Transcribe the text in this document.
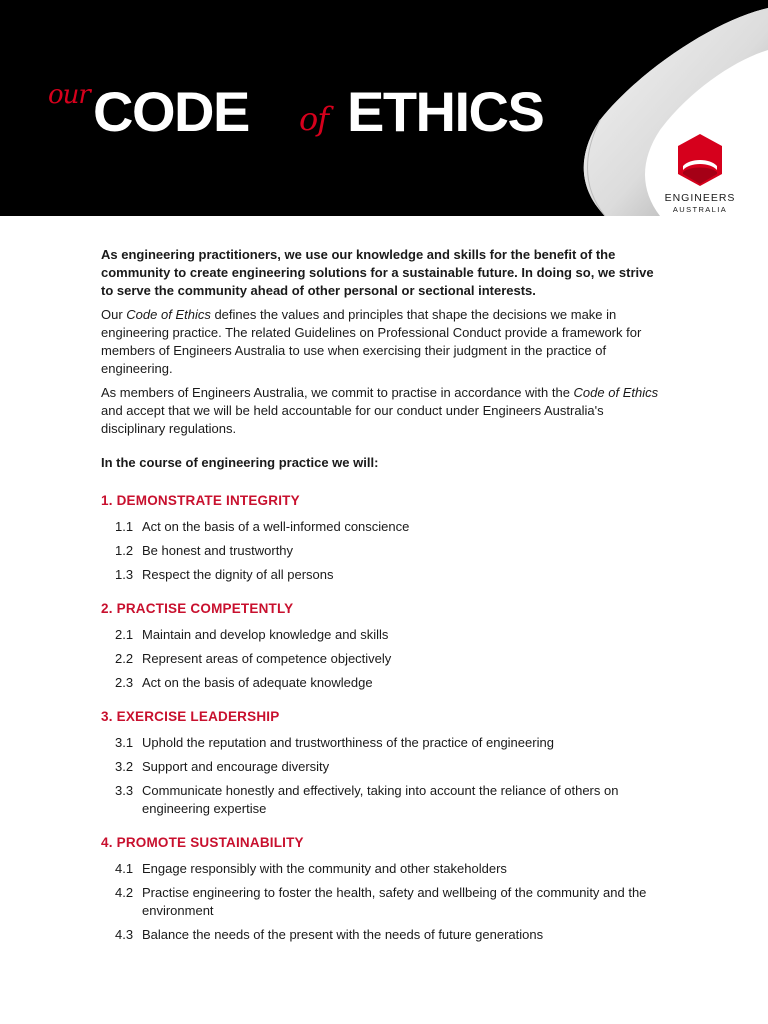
our CODE of ETHICS
ENGINEERS
AUSTRALIA

As engineering practitioners, we use our knowledge and skills for the benefit of the community to create engineering solutions for a sustainable future. In doing so, we strive to serve the community ahead of other personal or sectional interests.

Our Code of Ethics defines the values and principles that shape the decisions we make in engineering practice. The related Guidelines on Professional Conduct provide a framework for members of Engineers Australia to use when exercising their judgment in the practice of engineering.

As members of Engineers Australia, we commit to practise in accordance with the Code of Ethics and accept that we will be held accountable for our conduct under Engineers Australia's disciplinary regulations.

In the course of engineering practice we will:

1. DEMONSTRATE INTEGRITY
1.1 Act on the basis of a well-informed conscience
1.2 Be honest and trustworthy
1.3 Respect the dignity of all persons
2. PRACTISE COMPETENTLY
2.1 Maintain and develop knowledge and skills
2.2 Represent areas of competence objectively
2.3 Act on the basis of adequate knowledge
3. EXERCISE LEADERSHIP
3.1 Uphold the reputation and trustworthiness of the practice of engineering
3.2 Support and encourage diversity
3.3 Communicate honestly and effectively, taking into account the reliance of others on engineering expertise
4. PROMOTE SUSTAINABILITY
4.1 Engage responsibly with the community and other stakeholders
4.2 Practise engineering to foster the health, safety and wellbeing of the community and the environment
4.3 Balance the needs of the present with the needs of future generations
